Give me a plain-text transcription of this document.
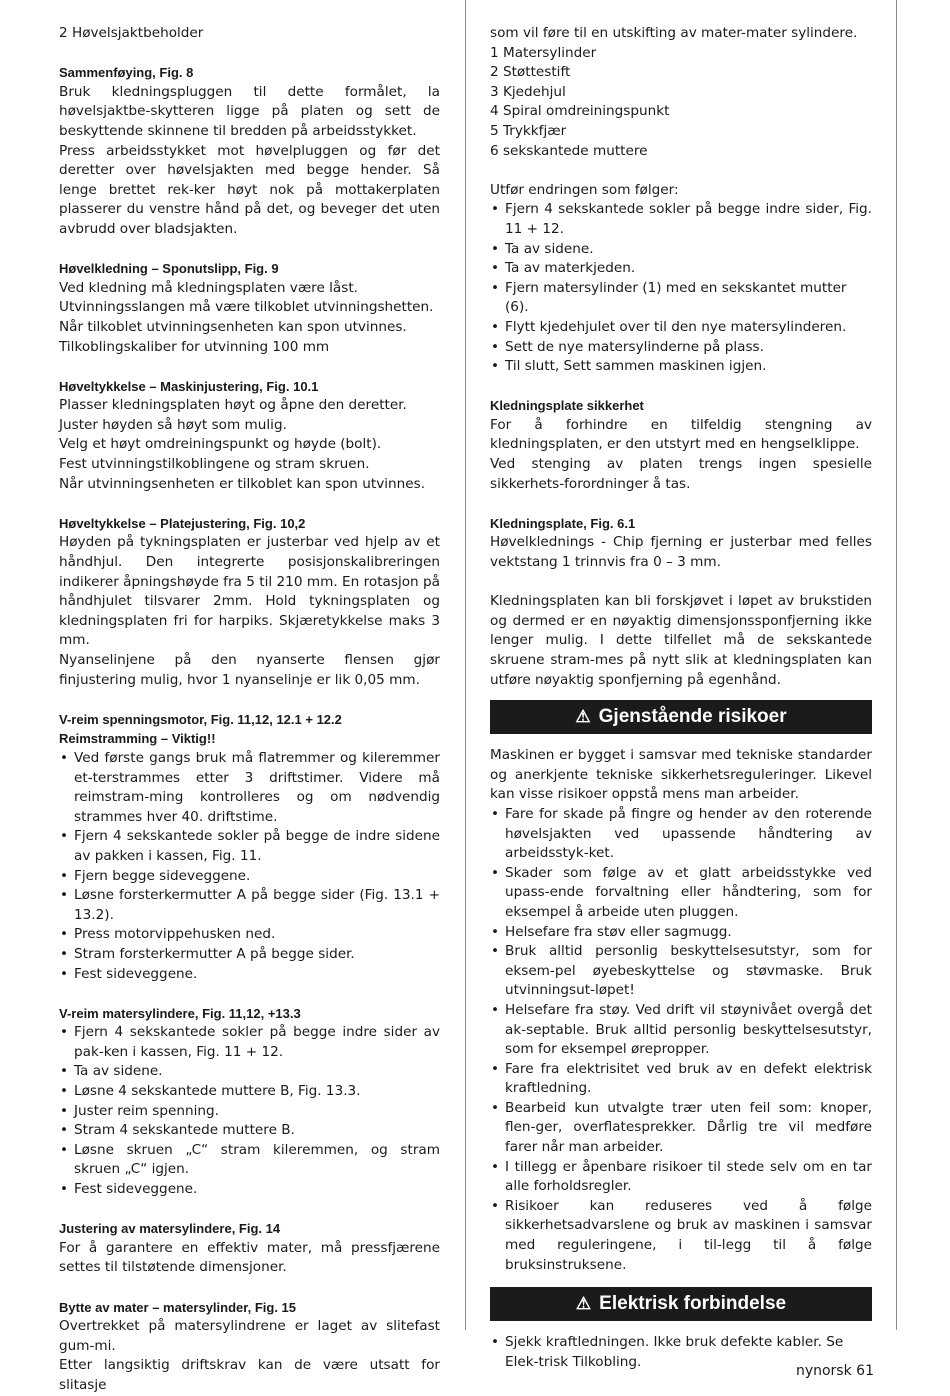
2 Høvelsjaktbeholder

Sammenføying, Fig. 8

Bruk kledningspluggen til dette formålet, la høvelsjaktbe-skytteren ligge på platen og sett de beskyttende skinnene til bredden på arbeidsstykket.

Press arbeidsstykket mot høvelpluggen og før det deretter over høvelsjakten med begge hender. Så lenge brettet rek-ker høyt nok på mottakerplaten plasserer du venstre hånd på det, og beveger det uten avbrudd over bladsjakten.

Høvelkledning – Sponutslipp, Fig. 9

Ved kledning må kledningsplaten være låst.

Utvinningsslangen må være tilkoblet utvinningshetten.

Når tilkoblet utvinningsenheten kan spon utvinnes.

Tilkoblingskaliber for utvinning 100 mm

Høveltykkelse – Maskinjustering, Fig. 10.1

Plasser kledningsplaten høyt og åpne den deretter.

Juster høyden så høyt som mulig.

Velg et høyt omdreiningspunkt og høyde (bolt).

Fest utvinningstilkoblingene og stram skruen.

Når utvinningsenheten er tilkoblet kan spon utvinnes.

Høveltykkelse – Platejustering, Fig. 10,2

Høyden på tykningsplaten er justerbar ved hjelp av et håndhjul. Den integrerte posisjonskalibreringen indikerer åpningshøyde fra 5 til 210 mm. En rotasjon på håndhjulet tilsvarer 2mm. Hold tykningsplaten og kledningsplaten fri for harpiks. Skjæretykkelse maks 3 mm.

Nyanselinjene på den nyanserte flensen gjør finjustering mulig, hvor 1 nyanselinje er lik 0,05 mm.

V-reim spenningsmotor, Fig. 11,12, 12.1 + 12.2
Reimstramming – Viktig!!
• Ved første gangs bruk må flatremmer og kileremmer et-terstrammes etter 3 driftstimer. Videre må reimstram-ming kontrolleres og om nødvendig strammes hver 40. driftstime.
• Fjern 4 sekskantede sokler på begge de indre sidene av pakken i kassen, Fig. 11.
• Fjern begge sideveggene.
• Løsne forsterkermutter A på begge sider (Fig. 13.1 + 13.2).
• Press motorvippehusken ned.
• Stram forsterkermutter A på begge sider.
• Fest sideveggene.
V-reim matersylindere, Fig. 11,12, +13.3
• Fjern 4 sekskantede sokler på begge indre sider av pak-ken i kassen, Fig. 11 + 12.
• Ta av sidene.
• Løsne 4 sekskantede muttere B, Fig. 13.3.
• Juster reim spenning.
• Stram 4 sekskantede muttere B.
• Løsne skruen „C“ stram kileremmen, og stram skruen „C“ igjen.
• Fest sideveggene.
Justering av matersylindere, Fig. 14

For å garantere en effektiv mater, må pressfjærene settes til tilstøtende dimensjoner.

Bytte av mater – matersylinder, Fig. 15

Overtrekket på matersylindrene er laget av slitefast gum-mi.

Etter langsiktig driftskrav kan de være utsatt for slitasje

som vil føre til en utskifting av mater-mater sylindere.

1 Matersylinder

2 Støttestift

3 Kjedehjul

4 Spiral omdreiningspunkt

5 Trykkfjær

6 sekskantede muttere

Utfør endringen som følger:

• Fjern 4 sekskantede sokler på begge indre sider, Fig. 11 + 12.
• Ta av sidene.
• Ta av materkjeden.
• Fjern matersylinder (1) med en sekskantet mutter (6).
• Flytt kjedehjulet over til den nye matersylinderen.
• Sett de nye matersylinderne på plass.
• Til slutt, Sett sammen maskinen igjen.
Kledningsplate sikkerhet

For å forhindre en tilfeldig stengning av kledningsplaten, er den utstyrt med en hengselklippe.

Ved stenging av platen trengs ingen spesielle sikkerhets-forordninger å tas.

Kledningsplate, Fig. 6.1

Høvelklednings - Chip fjerning er justerbar med felles vektstang 1 trinnvis fra 0 – 3 mm.

Kledningsplaten kan bli forskjøvet i løpet av brukstiden og dermed er en nøyaktig dimensjonssponfjerning ikke lenger mulig. I dette tilfellet må de sekskantede skruene stram-mes på nytt slik at kledningsplaten kan utføre nøyaktig sponfjerning på egenhånd.

⚠ Gjenstående risikoer

Maskinen er bygget i samsvar med tekniske standarder og anerkjente tekniske sikkerhetsreguleringer. Likevel kan visse risikoer oppstå mens man arbeider.

• Fare for skade på fingre og hender av den roterende høvelsjakten ved upassende håndtering av arbeidsstyk-ket.
• Skader som følge av et glatt arbeidsstykke ved upass-ende forvaltning eller håndtering, som for eksempel å arbeide uten pluggen.
• Helsefare fra støv eller sagmugg.
• Bruk alltid personlig beskyttelsesutstyr, som for eksem-pel øyebeskyttelse og støvmaske. Bruk utvinningsut-løpet!
• Helsefare fra støy. Ved drift vil støynivået overgå det ak-septable. Bruk alltid personlig beskyttelsesutstyr, som for eksempel ørepropper.
• Fare fra elektrisitet ved bruk av en defekt elektrisk kraftledning.
• Bearbeid kun utvalgte trær uten feil som: knoper, flen-ger, overflatesprekker. Dårlig tre vil medføre farer når man arbeider.
• I tillegg er åpenbare risikoer til stede selv om en tar alle forholdsregler.
• Risikoer kan reduseres ved å følge sikkerhetsadvarslene og bruk av maskinen i samsvar med reguleringene, i til-legg til å følge bruksinstruksene.
⚠ Elektrisk forbindelse
• Sjekk kraftledningen. Ikke bruk defekte kabler. Se Elek-trisk Tilkobling.
nynorsk 61
